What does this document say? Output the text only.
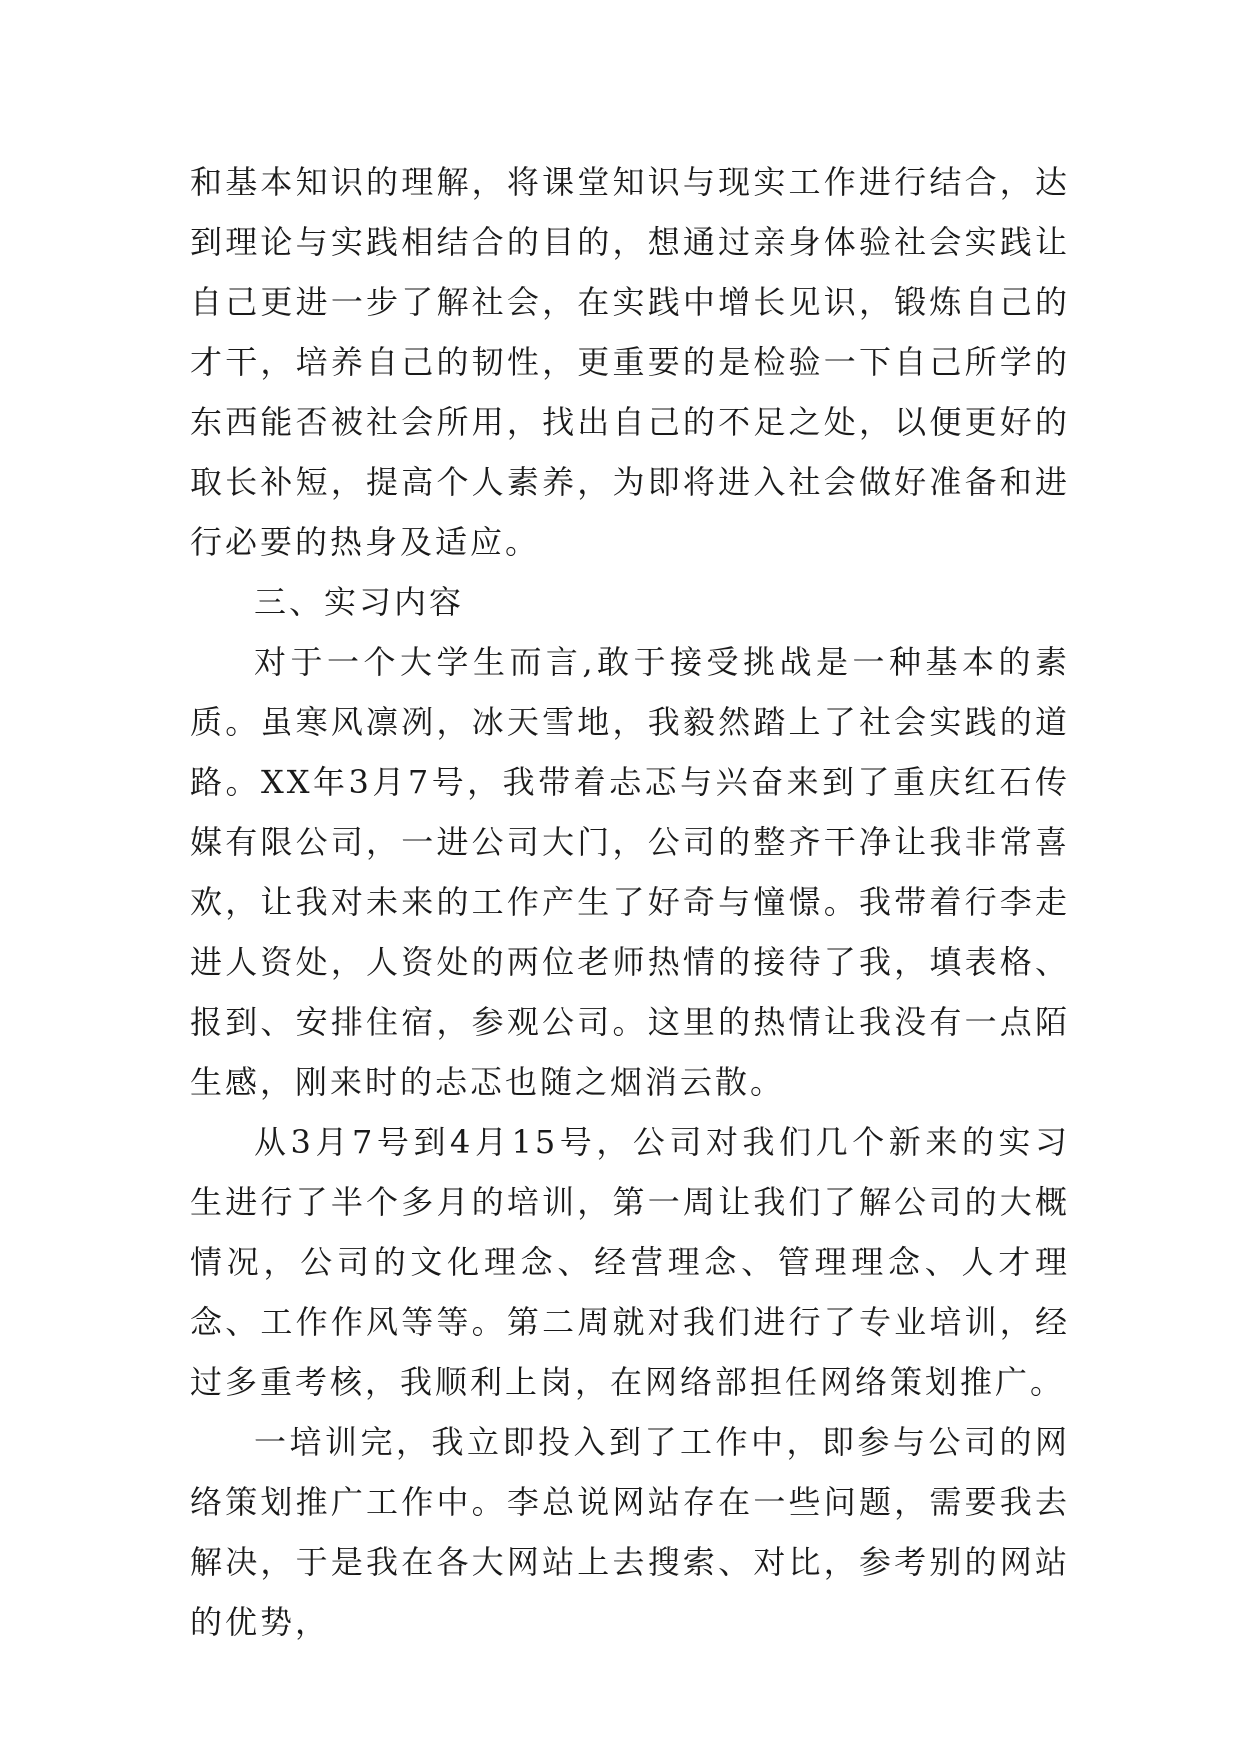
和基本知识的理解，将课堂知识与现实工作进行结合，达到理论与实践相结合的目的，想通过亲身体验社会实践让自己更进一步了解社会，在实践中增长见识，锻炼自己的才干，培养自己的韧性，更重要的是检验一下自己所学的东西能否被社会所用，找出自己的不足之处，以便更好的取长补短，提高个人素养，为即将进入社会做好准备和进行必要的热身及适应。

三、实习内容

对于一个大学生而言,敢于接受挑战是一种基本的素质。虽寒风凛冽，冰天雪地，我毅然踏上了社会实践的道路。XX年3月7号，我带着忐忑与兴奋来到了重庆红石传媒有限公司，一进公司大门，公司的整齐干净让我非常喜欢，让我对未来的工作产生了好奇与憧憬。我带着行李走进人资处，人资处的两位老师热情的接待了我，填表格、报到、安排住宿，参观公司。这里的热情让我没有一点陌生感，刚来时的忐忑也随之烟消云散。

从3月7号到4月15号，公司对我们几个新来的实习生进行了半个多月的培训，第一周让我们了解公司的大概情况，公司的文化理念、经营理念、管理理念、人才理念、工作作风等等。第二周就对我们进行了专业培训，经过多重考核，我顺利上岗，在网络部担任网络策划推广。

一培训完，我立即投入到了工作中，即参与公司的网络策划推广工作中。李总说网站存在一些问题，需要我去解决，于是我在各大网站上去搜索、对比，参考别的网站的优势，
